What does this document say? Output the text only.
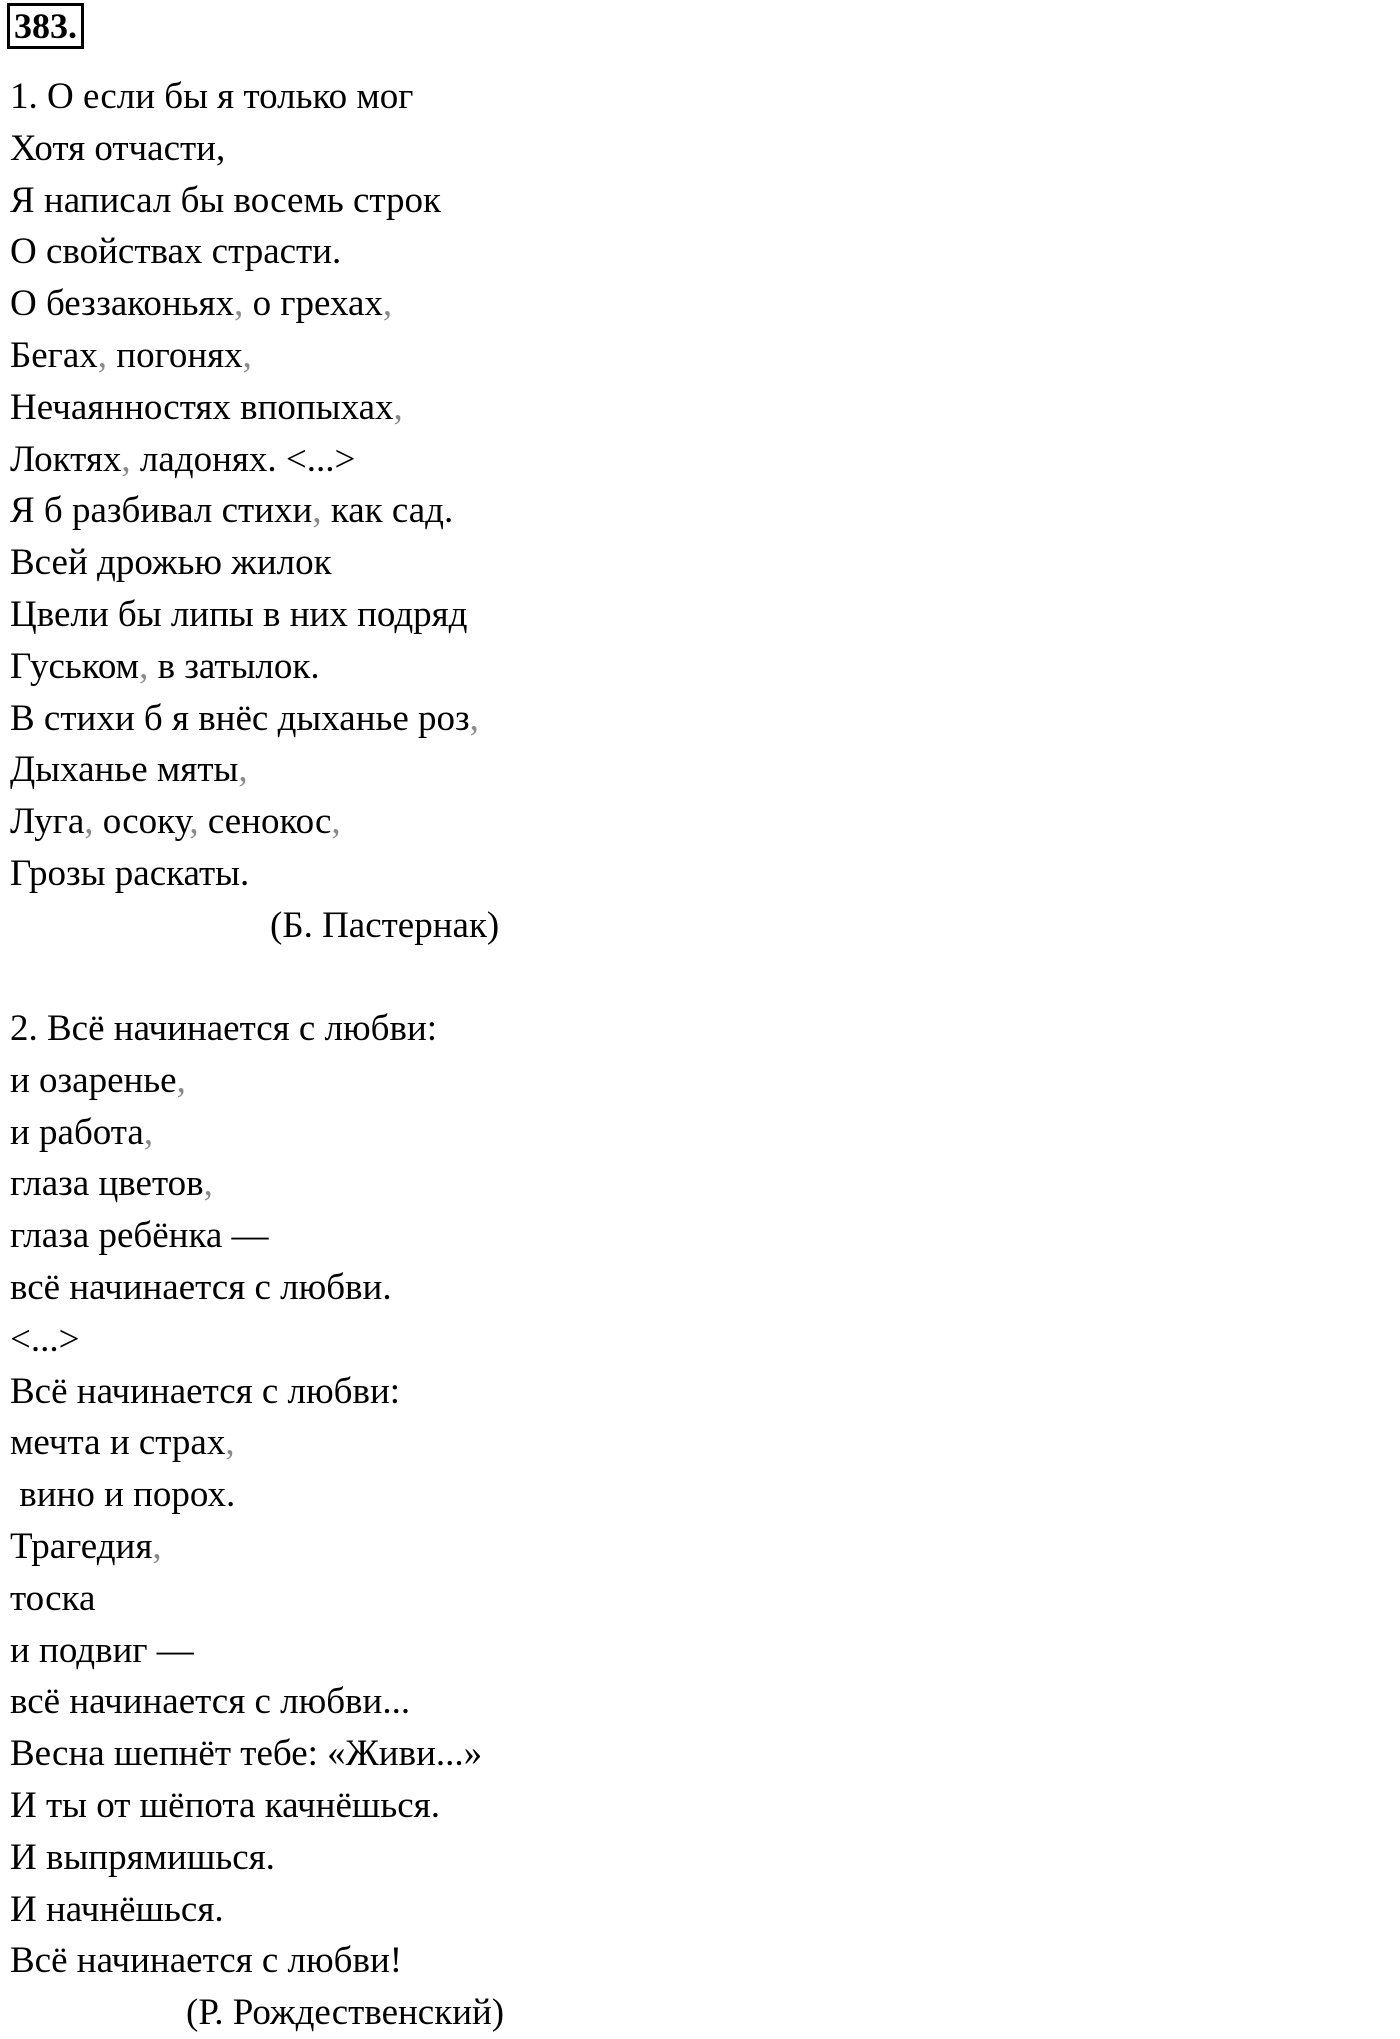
383.
1. О если бы я только мог
Хотя отчасти,
Я написал бы восемь строк
О свойствах страсти.
О беззаконьях, о грехах,
Бегах, погонях,
Нечаянностях впопыхах,
Локтях, ладонях. <...>
Я б разбивал стихи, как сад.
Всей дрожью жилок
Цвели бы липы в них подряд
Гуськом, в затылок.
В стихи б я внёс дыханье роз,
Дыханье мяты,
Луга, осоку, сенокос,
Грозы раскаты.
(Б. Пастернак)
2. Всё начинается с любви:
и озаренье,
и работа,
глаза цветов,
глаза ребёнка —
всё начинается с любви.
<...>
Всё начинается с любви:
мечта и страх,
вино и порох.
Трагедия,
тоска
и подвиг —
всё начинается с любви...
Весна шепнёт тебе: «Живи...»
И ты от шёпота качнёшься.
И выпрямишься.
И начнёшься.
Всё начинается с любви!
(Р. Рождественский)
